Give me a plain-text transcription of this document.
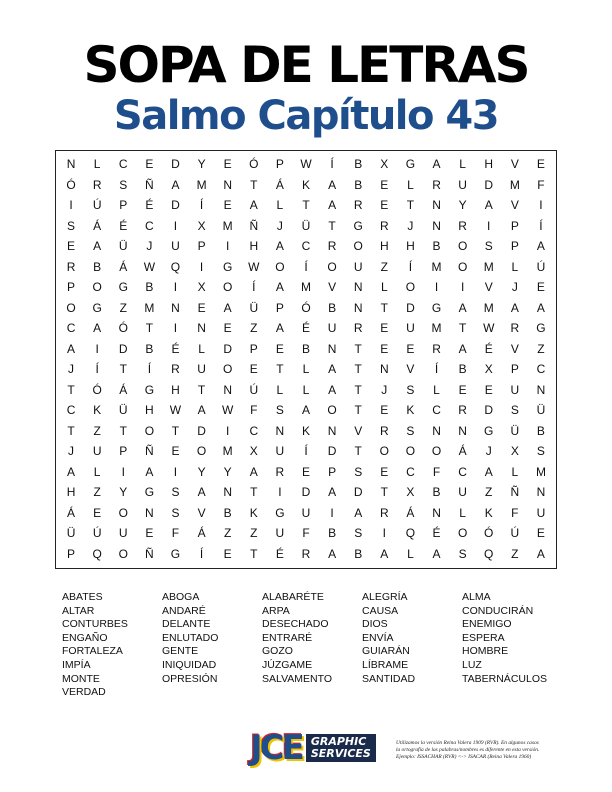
SOPA DE LETRAS
Salmo Capítulo 43
N	L	C	E	D	Y	E	Ó	P	W	Í	B	X	G	A	L	H	V	E
Ó	R	S	Ñ	A	M	N	T	Á	K	A	B	E	L	R	U	D	M	F
I	Ú	P	É	D	Í	E	A	L	T	A	R	E	T	N	Y	A	V	I
S	Á	É	C	I	X	M	Ñ	J	Ü	T	G	R	J	N	R	I	P	Í
E	A	Ü	J	U	P	I	H	A	C	R	O	H	H	B	O	S	P	A
R	B	Á	W	Q	I	G	W	O	Í	O	U	Z	Í	M	O	M	L	Ú
P	O	G	B	I	X	O	Í	A	M	V	N	L	O	I	I	V	J	E
O	G	Z	M	N	E	A	Ü	P	Ó	B	N	T	D	G	A	M	A	A
C	A	Ó	T	I	N	E	Z	A	É	U	R	E	U	M	T	W	R	G
A	I	D	B	É	L	D	P	E	B	N	T	E	E	R	A	É	V	Z
J	Í	T	Í	R	U	O	E	T	L	A	T	N	V	Í	B	X	P	C
T	Ó	Á	G	H	T	N	Ú	L	L	A	T	J	S	L	E	E	U	N
C	K	Ü	H	W	A	W	F	S	A	O	T	E	K	C	R	D	S	Ü
T	Z	T	O	T	D	I	C	N	K	N	V	R	S	N	N	G	Ü	B
J	U	P	Ñ	E	O	M	X	U	Í	D	T	O	O	O	Á	J	X	S
A	L	I	A	I	Y	Y	A	R	E	P	S	E	C	F	C	A	L	M
H	Z	Y	G	S	A	N	T	I	D	A	D	T	X	B	U	Z	Ñ	N
Á	E	O	N	S	V	B	K	G	U	I	A	R	Á	N	L	K	F	U
Ü	Ú	U	E	F	Á	Z	Z	U	F	B	S	I	Q	É	O	Ó	Ú	E
P	Q	O	Ñ	G	Í	E	T	É	R	A	B	A	L	A	S	Q	Z	A
ABATES	ABOGA	ALABARÉTE	ALEGRÍA	ALMA
ALTAR	ANDARÉ	ARPA	CAUSA	CONDUCIRÁN
CONTURBES	DELANTE	DESECHADO	DIOS	ENEMIGO
ENGAÑO	ENLUTADO	ENTRARÉ	ENVÍA	ESPERA
FORTALEZA	GENTE	GOZO	GUIARÁN	HOMBRE
IMPÍA	INIQUIDAD	JÚZGAME	LÍBRAME	LUZ
MONTE	OPRESIÓN	SALVAMENTO	SANTIDAD	TABERNÁCULOS
VERDAD
JCE GRAPHIC
SERVICES
Utilizamos la versión Reina Valera 1909 (RVR). En algunos casos
la ortografía de las palabras/nombres es diferente en esta versión.
Ejemplo: ISSACHAR (RVR) <-> ISACAR (Reina Valera 1960)
